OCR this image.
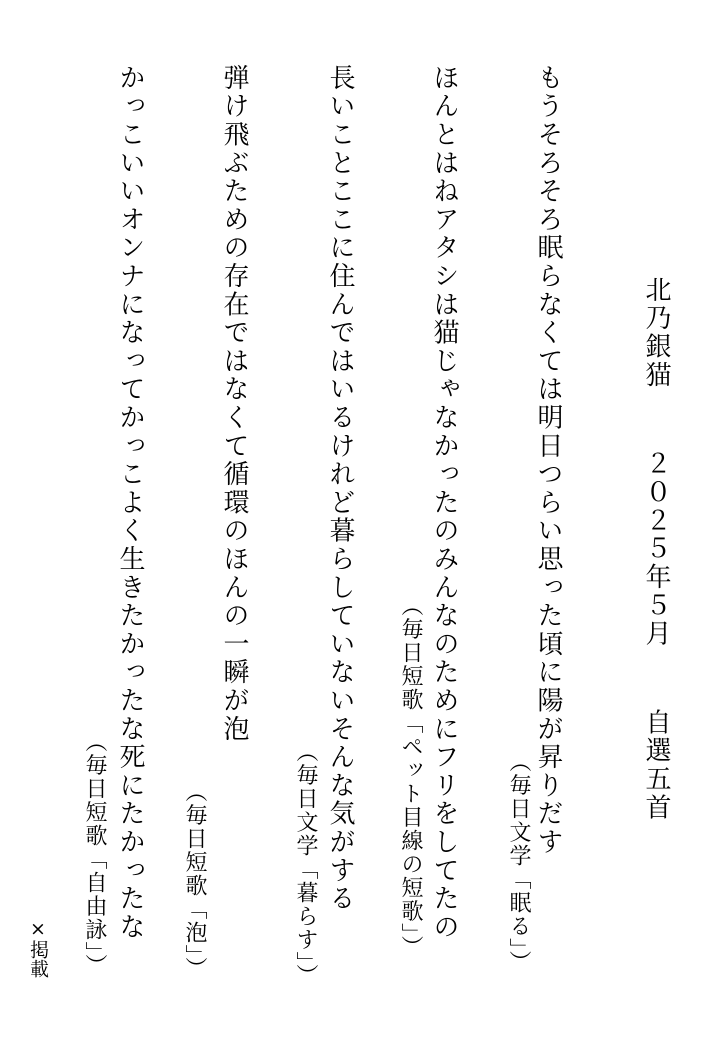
北乃銀猫　 ２０２５年５月　 自選五首
もうそろそろ眠らなくては明日つらい思った頃に陽が昇りだす
（毎日文学「眠る」）
ほんとはねアタシは猫じゃなかったのみんなのためにフリをしてたの
（毎日短歌「ペット目線の短歌」）
長いことここに住んではいるけれど暮らしていないそんな気がする
（毎日文学「暮らす」）
弾け飛ぶための存在ではなくて循環のほんの一瞬が泡
（毎日短歌「泡」）
かっこいいオンナになってかっこよく生きたかったな死にたかったな
（毎日短歌「自由詠」）
×掲載
